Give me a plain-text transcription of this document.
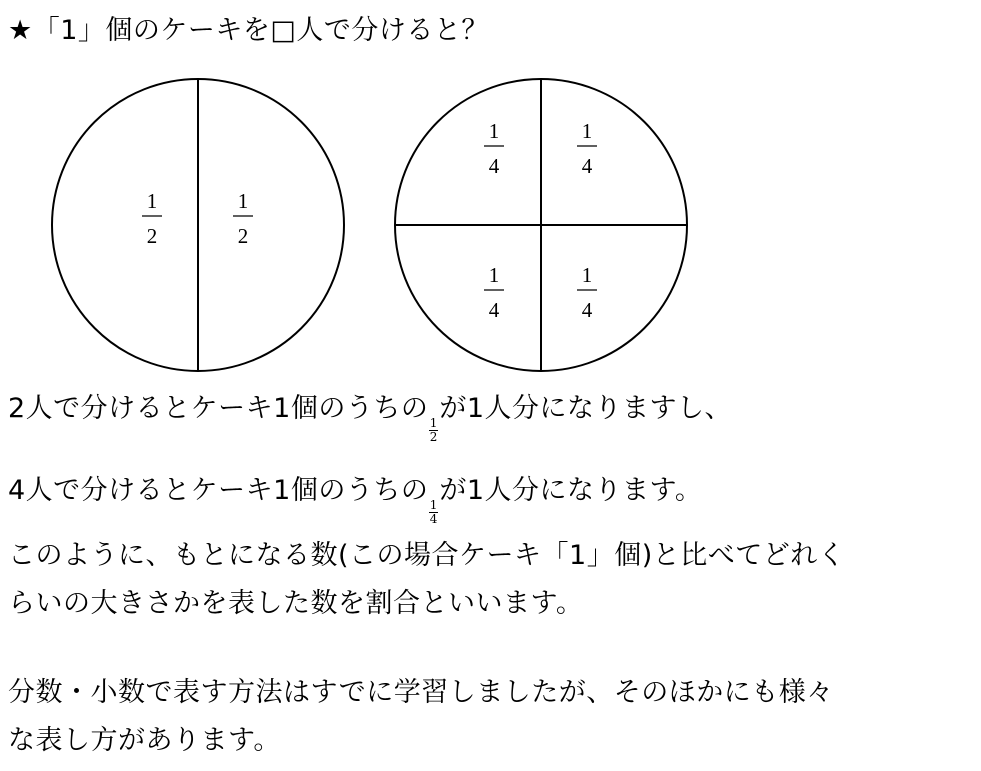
★「1」個のケーキを□人で分けると？
1
2
1
2
1
4
1
4
1
4
1
4
2人で分けるとケーキ1個のうちの
$\frac{1}{2}$
が1人分になりますし、
4人で分けるとケーキ1個のうちの
$\frac{1}{4}$
が1人分になります。
このように、もとになる数(この場合ケーキ「1」個)と比べてどれく
らいの大きさかを表した数を割合といいます。
分数・小数で表す方法はすでに学習しましたが、そのほかにも様々
な表し方があります。
